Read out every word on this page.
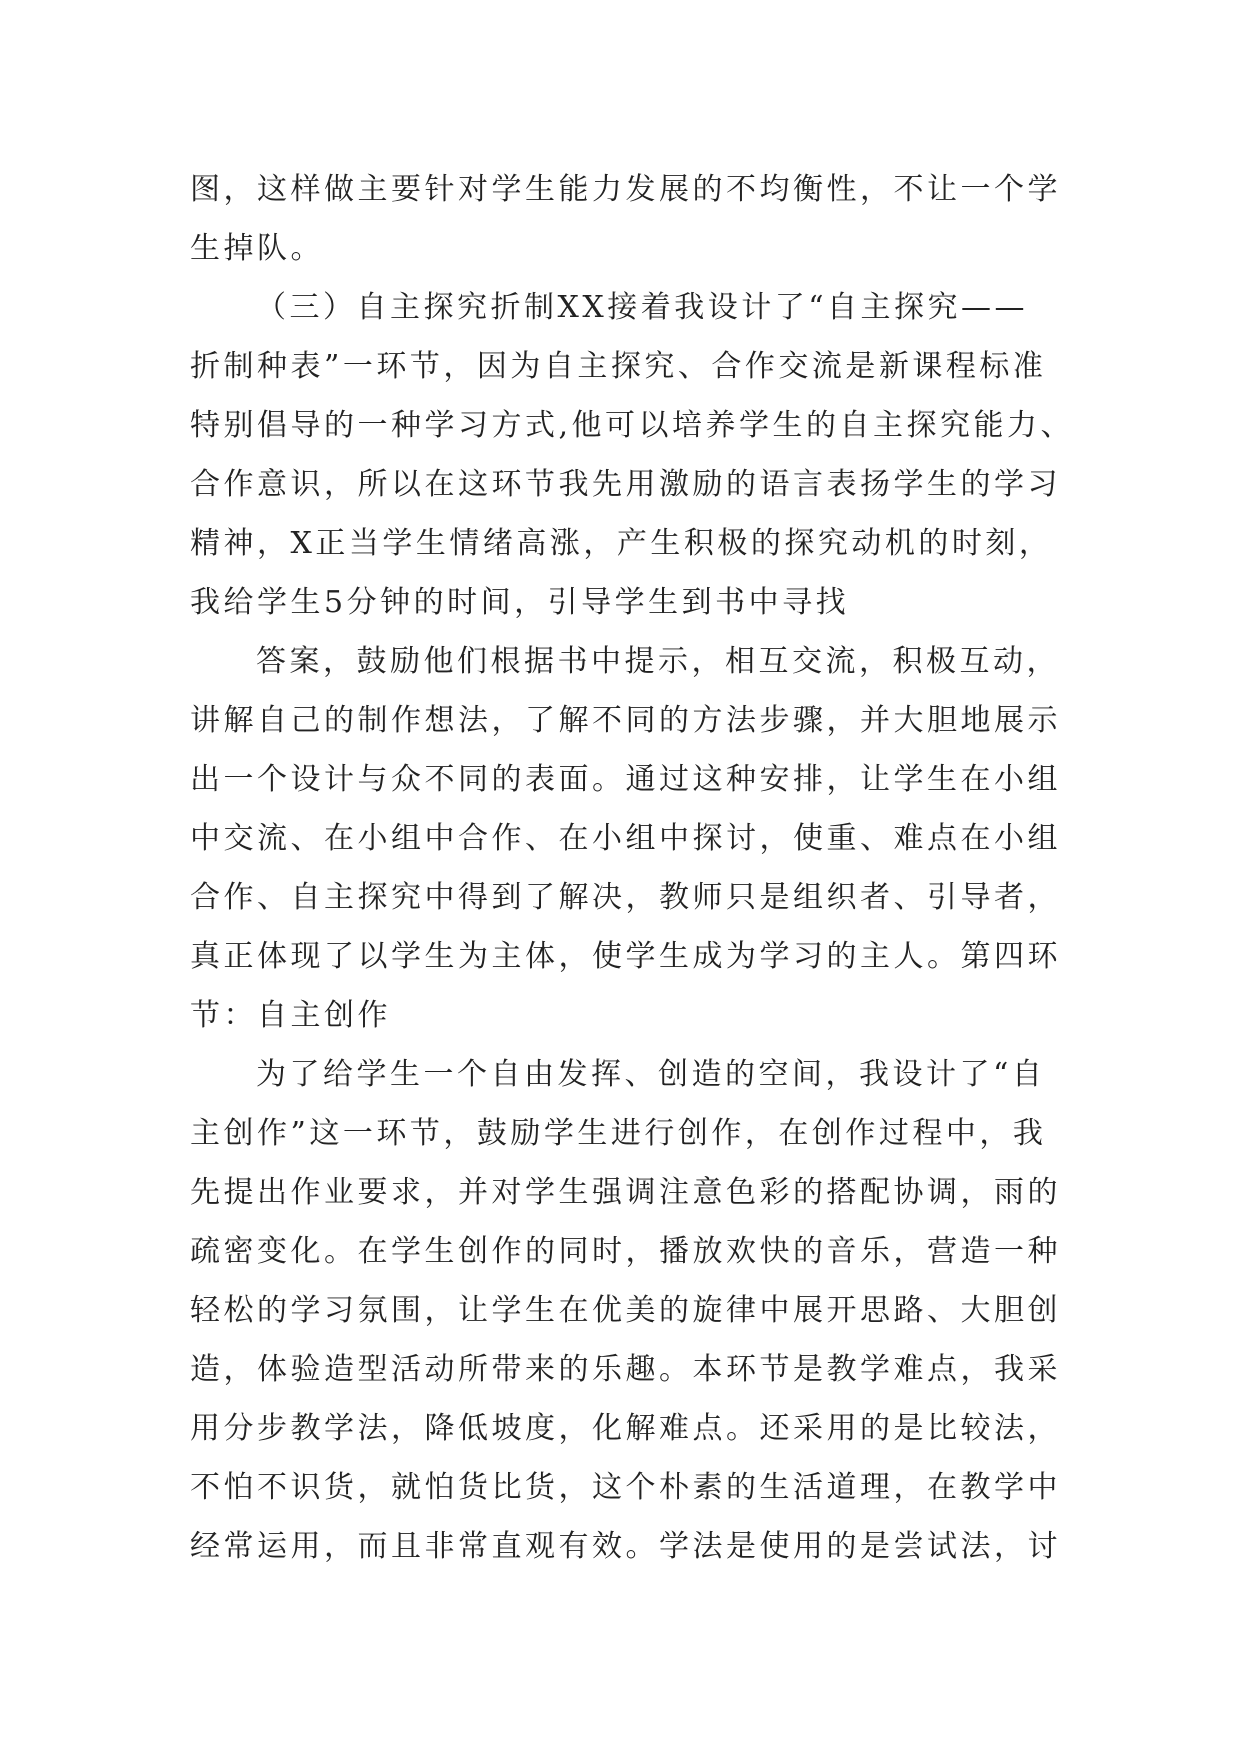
图，这样做主要针对学生能力发展的不均衡性，不让一个学
生掉队。
（三）自主探究折制XX接着我设计了“自主探究——
折制种表”一环节，因为自主探究、合作交流是新课程标准
特别倡导的一种学习方式,他可以培养学生的自主探究能力、
合作意识，所以在这环节我先用激励的语言表扬学生的学习
精神，X正当学生情绪高涨，产生积极的探究动机的时刻，
我给学生5分钟的时间，引导学生到书中寻找
答案，鼓励他们根据书中提示，相互交流，积极互动，
讲解自己的制作想法，了解不同的方法步骤，并大胆地展示
出一个设计与众不同的表面。通过这种安排，让学生在小组
中交流、在小组中合作、在小组中探讨，使重、难点在小组
合作、自主探究中得到了解决，教师只是组织者、引导者，
真正体现了以学生为主体，使学生成为学习的主人。第四环
节：自主创作
为了给学生一个自由发挥、创造的空间，我设计了“自
主创作”这一环节，鼓励学生进行创作，在创作过程中，我
先提出作业要求，并对学生强调注意色彩的搭配协调，雨的
疏密变化。在学生创作的同时，播放欢快的音乐，营造一种
轻松的学习氛围，让学生在优美的旋律中展开思路、大胆创
造，体验造型活动所带来的乐趣。本环节是教学难点，我采
用分步教学法，降低坡度，化解难点。还采用的是比较法，
不怕不识货，就怕货比货，这个朴素的生活道理，在教学中
经常运用，而且非常直观有效。学法是使用的是尝试法，讨
